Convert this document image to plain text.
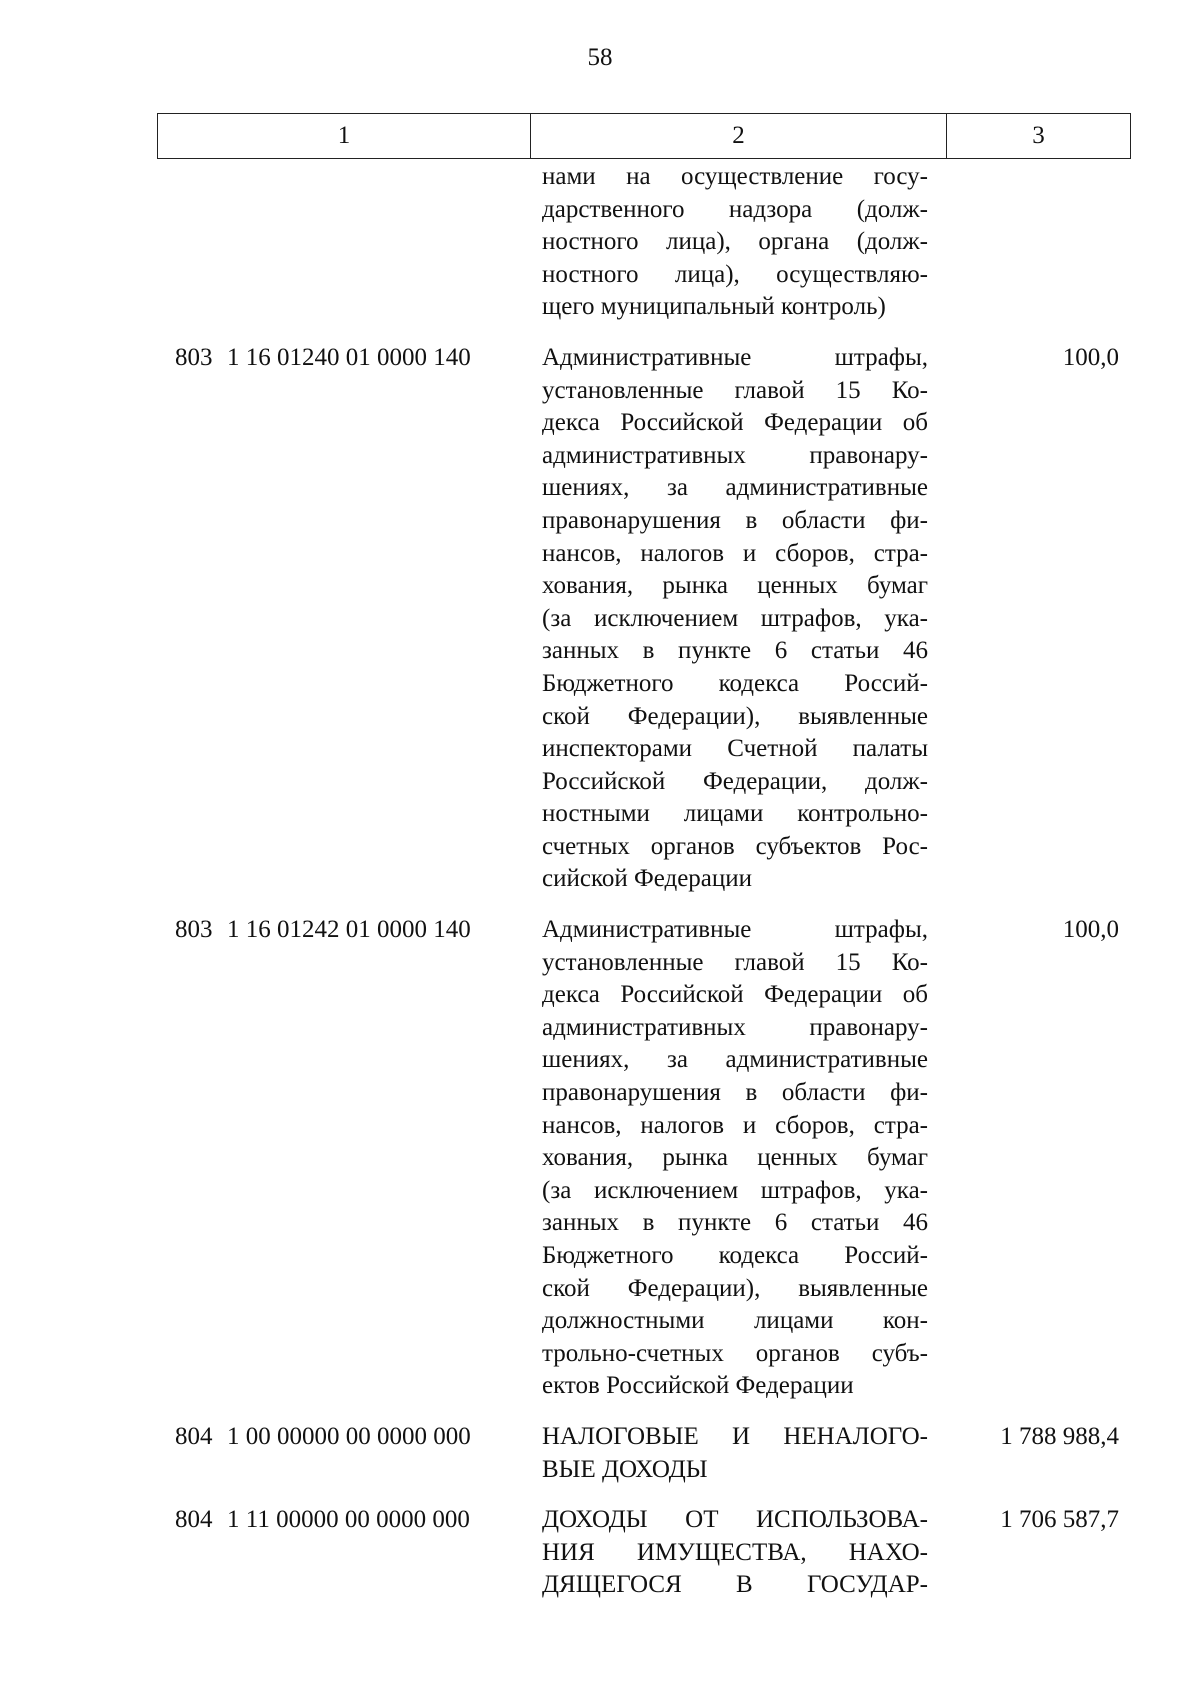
58
1	2	3
нами на осуществление госу-
дарственного надзора (долж-
ностного лица), органа (долж-
ностного лица), осуществляю-
щего муниципальный контроль)
803 1 16 01240 01 0000 140	Административные штрафы,
установленные главой 15 Ко-
декса Российской Федерации об
административных правонару-
шениях, за административные
правонарушения в области фи-
нансов, налогов и сборов, стра-
хования, рынка ценных бумаг
(за исключением штрафов, ука-
занных в пункте 6 статьи 46
Бюджетного кодекса Россий-
ской Федерации), выявленные
инспекторами Счетной палаты
Российской Федерации, долж-
ностными лицами контрольно-
счетных органов субъектов Рос-
сийской Федерации
100,0
803 1 16 01242 01 0000 140	Административные штрафы,
установленные главой 15 Ко-
декса Российской Федерации об
административных правонару-
шениях, за административные
правонарушения в области фи-
нансов, налогов и сборов, стра-
хования, рынка ценных бумаг
(за исключением штрафов, ука-
занных в пункте 6 статьи 46
Бюджетного кодекса Россий-
ской Федерации), выявленные
должностными лицами кон-
трольно-счетных органов субъ-
ектов Российской Федерации
100,0
804 1 00 00000 00 0000 000	НАЛОГОВЫЕ И НЕНАЛОГО-
ВЫЕ ДОХОДЫ
1 788 988,4
804 1 11 00000 00 0000 000	ДОХОДЫ ОТ ИСПОЛЬЗОВА-
НИЯ ИМУЩЕСТВА, НАХО-
ДЯЩЕГОСЯ В ГОСУДАР-
1 706 587,7
